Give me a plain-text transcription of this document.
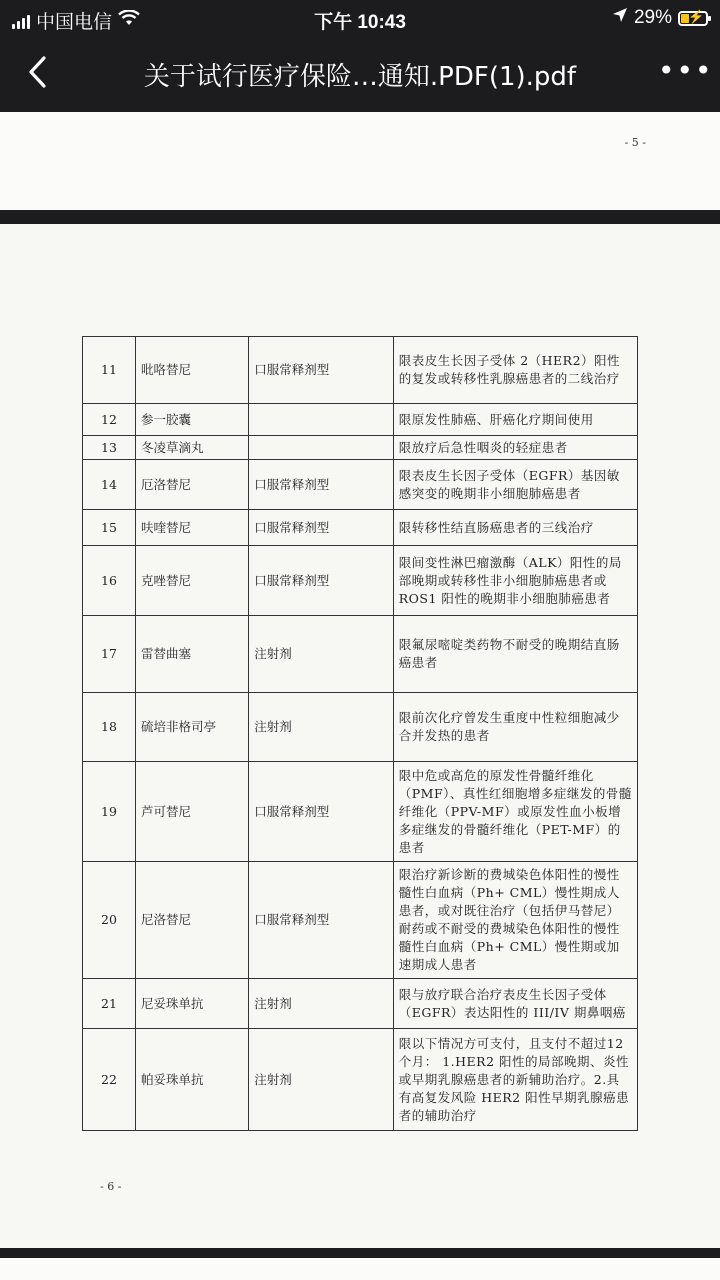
中国电信	下午 10:43	29% ⚡
关于试行医疗保险…通知.PDF(1).pdf	•••
- 5 -
11	吡咯替尼	口服常释剂型	限表皮生长因子受体 2（HER2）阳性的复发或转移性乳腺癌患者的二线治疗
12	参一胶囊		限原发性肺癌、肝癌化疗期间使用
13	冬凌草滴丸		限放疗后急性咽炎的轻症患者
14	厄洛替尼	口服常释剂型	限表皮生长因子受体（EGFR）基因敏感突变的晚期非小细胞肺癌患者
15	呋喹替尼	口服常释剂型	限转移性结直肠癌患者的三线治疗
16	克唑替尼	口服常释剂型	限间变性淋巴瘤激酶（ALK）阳性的局部晚期或转移性非小细胞肺癌患者或ROS1 阳性的晚期非小细胞肺癌患者
17	雷替曲塞	注射剂	限氟尿嘧啶类药物不耐受的晚期结直肠癌患者
18	硫培非格司亭	注射剂	限前次化疗曾发生重度中性粒细胞减少合并发热的患者
19	芦可替尼	口服常释剂型	限中危或高危的原发性骨髓纤维化（PMF）、真性红细胞增多症继发的骨髓纤维化（PPV-MF）或原发性血小板增多症继发的骨髓纤维化（PET-MF）的患者
20	尼洛替尼	口服常释剂型	限治疗新诊断的费城染色体阳性的慢性髓性白血病（Ph+ CML）慢性期成人患者，或对既往治疗（包括伊马替尼）耐药或不耐受的费城染色体阳性的慢性髓性白血病（Ph+ CML）慢性期或加速期成人患者
21	尼妥珠单抗	注射剂	限与放疗联合治疗表皮生长因子受体（EGFR）表达阳性的 III/IV 期鼻咽癌
22	帕妥珠单抗	注射剂	限以下情况方可支付，且支付不超过12 个月： 1.HER2 阳性的局部晚期、炎性或早期乳腺癌患者的新辅助治疗。2.具有高复发风险 HER2 阳性早期乳腺癌患者的辅助治疗
- 6 -
